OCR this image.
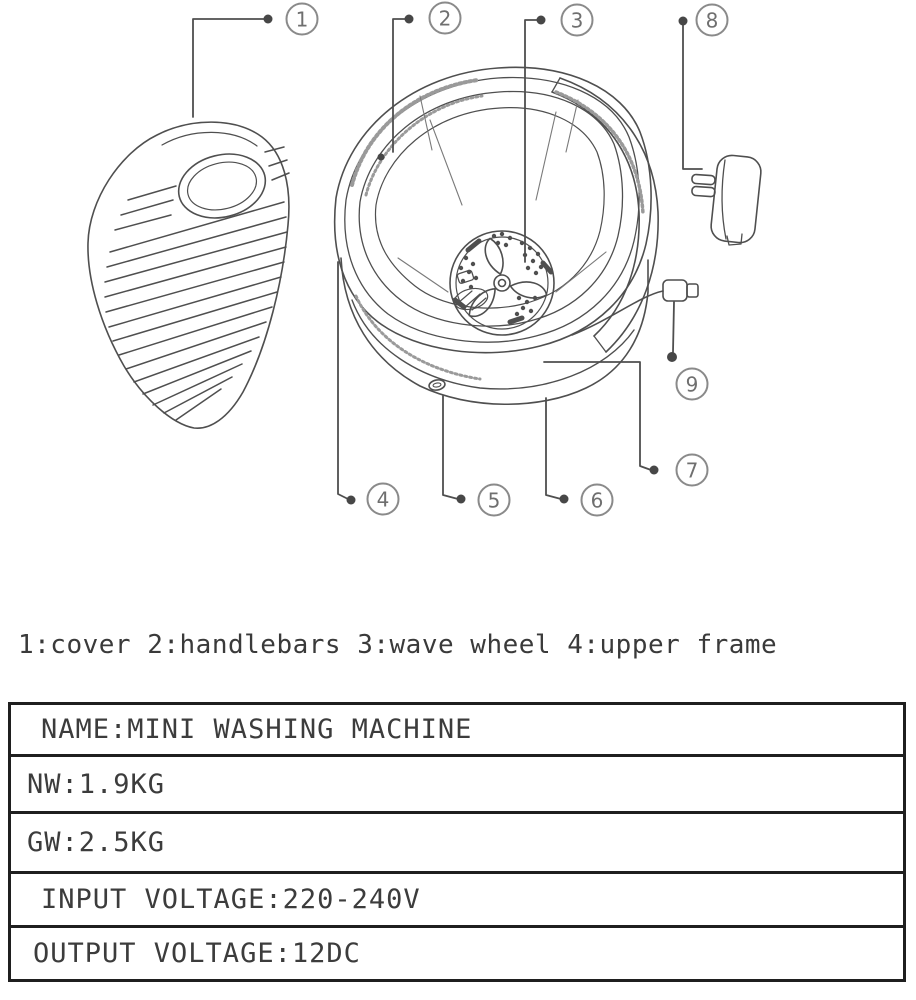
1	2	3	8
9
7
4	5	6

1:cover 2:handlebars 3:wave wheel 4:upper frame

NAME:MINI WASHING MACHINE
NW:1.9KG
GW:2.5KG
INPUT VOLTAGE:220-240V
OUTPUT VOLTAGE:12DC
